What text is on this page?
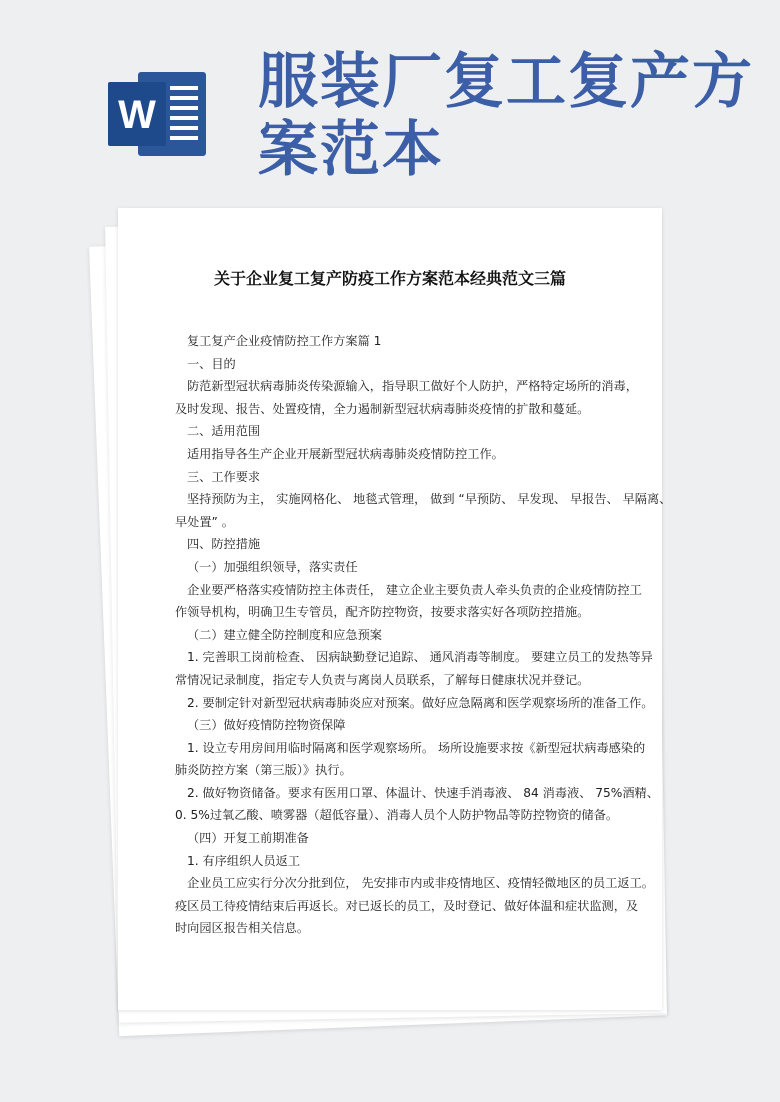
W 服装厂复工复产方
案范本
关于企业复工复产防疫工作方案范本经典范文三篇
复工复产企业疫情防控工作方案篇 1
一、目的
防范新型冠状病毒肺炎传染源输入，指导职工做好个人防护，严格特定场所的消毒，
及时发现、报告、处置疫情，全力遏制新型冠状病毒肺炎疫情的扩散和蔓延。
二、适用范围
适用指导各生产企业开展新型冠状病毒肺炎疫情防控工作。
三、工作要求
坚持预防为主， 实施网格化、 地毯式管理， 做到 “早预防、 早发现、 早报告、 早隔离、
早处置” 。
四、防控措施
（一）加强组织领导，落实责任
企业要严格落实疫情防控主体责任， 建立企业主要负责人牵头负责的企业疫情防控工
作领导机构，明确卫生专管员，配齐防控物资，按要求落实好各项防控措施。
（二）建立健全防控制度和应急预案
1. 完善职工岗前检查、 因病缺勤登记追踪、 通风消毒等制度。 要建立员工的发热等异
常情况记录制度，指定专人负责与离岗人员联系，了解每日健康状况并登记。
2. 要制定针对新型冠状病毒肺炎应对预案。做好应急隔离和医学观察场所的准备工作。
（三）做好疫情防控物资保障
1. 设立专用房间用临时隔离和医学观察场所。 场所设施要求按《新型冠状病毒感染的
肺炎防控方案（第三版）》执行。
2. 做好物资储备。要求有医用口罩、体温计、快速手消毒液、 84 消毒液、 75%酒精、
0. 5%过氧乙酸、喷雾器（超低容量）、消毒人员个人防护物品等防控物资的储备。
（四）开复工前期准备
1. 有序组织人员返工
企业员工应实行分次分批到位， 先安排市内或非疫情地区、疫情轻微地区的员工返工。
疫区员工待疫情结束后再返长。对已返长的员工，及时登记、做好体温和症状监测，及
时向园区报告相关信息。
